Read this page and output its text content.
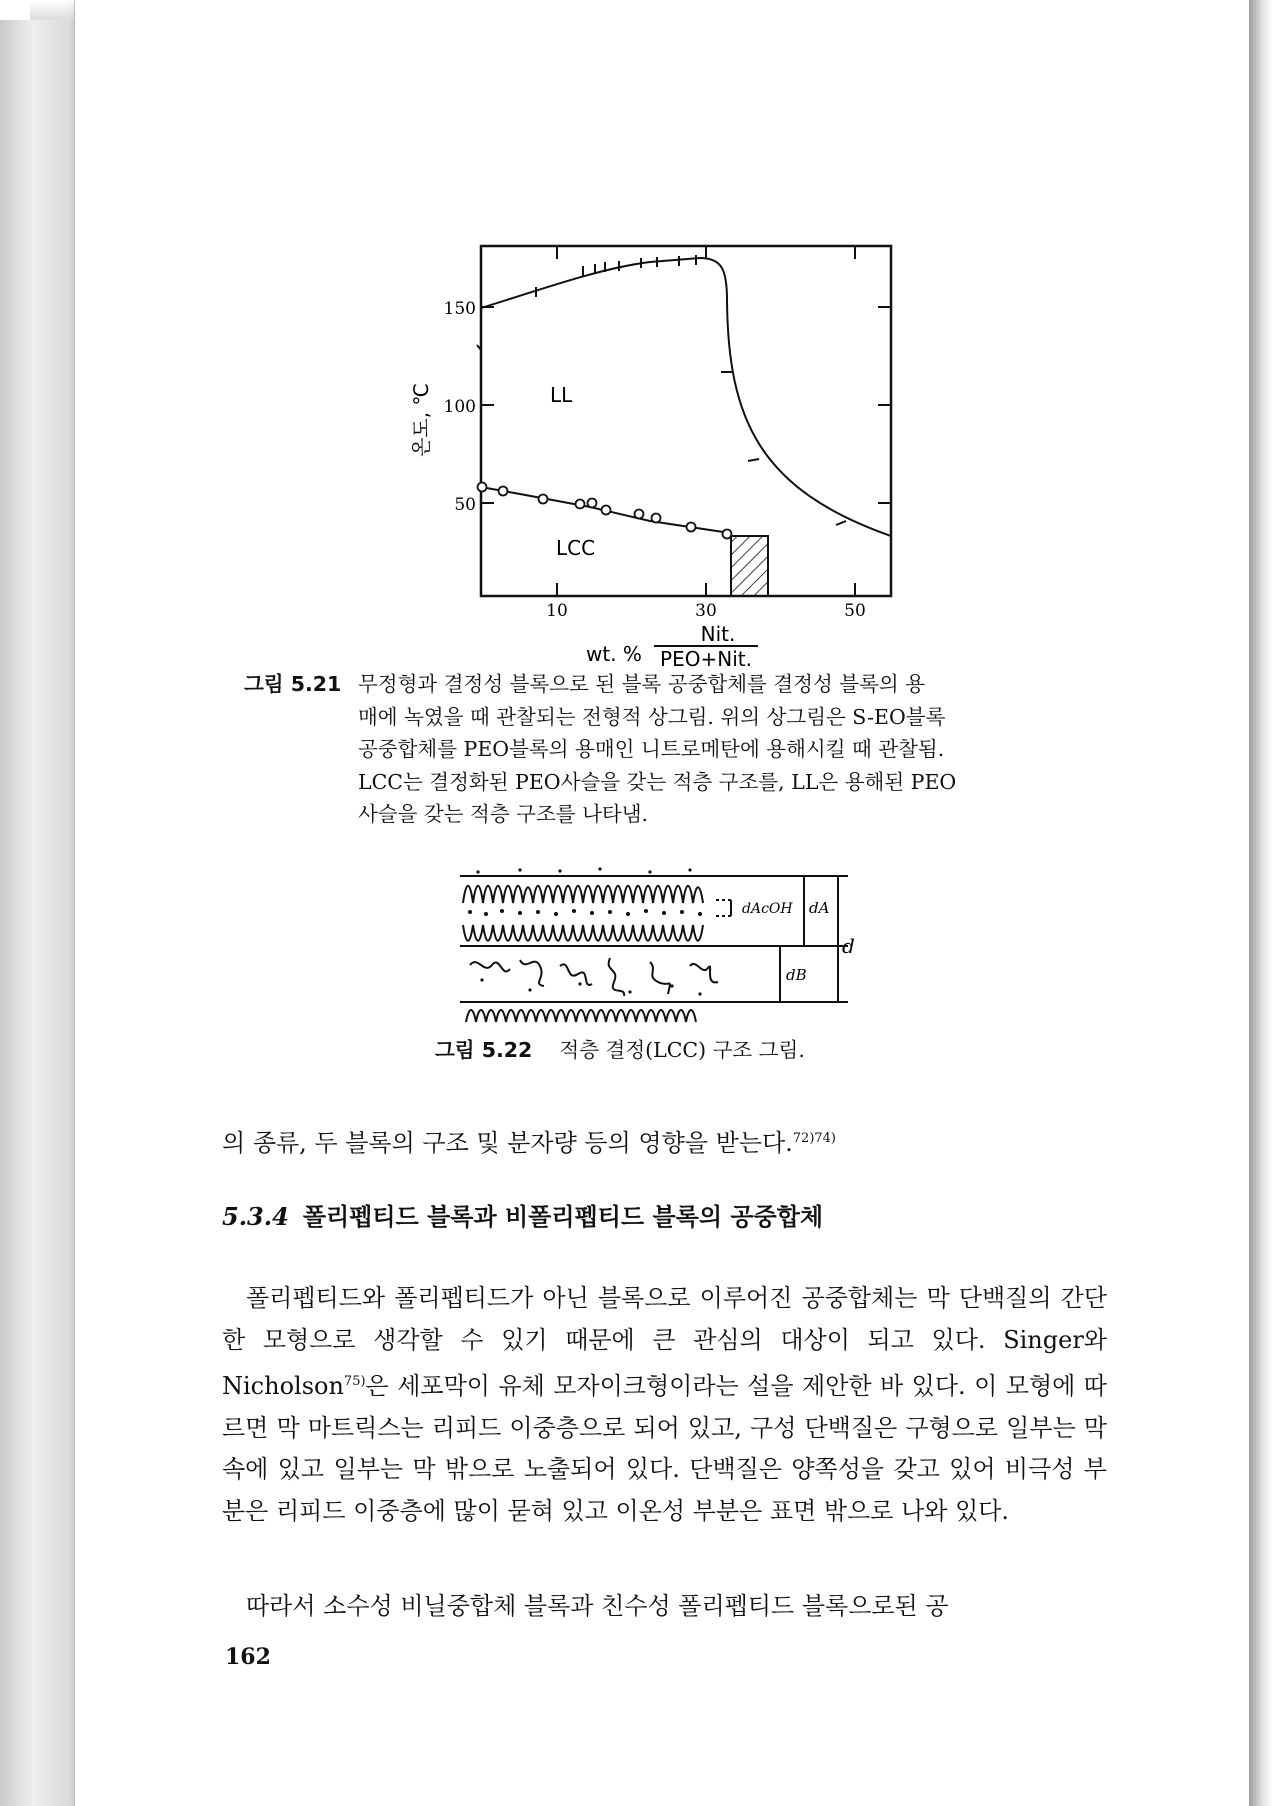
150
100
50
10	30	50
온도, ℃	LL
LCC
wt. %
Nit.
PEO+Nit.
그림 5.21 무정형과 결정성 블록으로 된 블록 공중합체를 결정성 블록의 용
매에 녹였을 때 관찰되는 전형적 상그림. 위의 상그림은 S-EO블록
공중합체를 PEO블록의 용매인 니트로메탄에 용해시킬 때 관찰됨.
LCC는 결정화된 PEO사슬을 갖는 적층 구조를, LL은 용해된 PEO
사슬을 갖는 적층 구조를 나타냄.
dAcOH dA
dB
d
그림 5.22 적층 결정(LCC) 구조 그림.
의 종류, 두 블록의 구조 및 분자량 등의 영향을 받는다.$^{72)74)}$
5.3.4 폴리펩티드 블록과 비폴리펩티드 블록의 공중합체
폴리펩티드와 폴리펩티드가 아닌 블록으로 이루어진 공중합체는 막 단백질의 간단한 모형으로 생각할 수 있기 때문에 큰 관심의 대상이 되고 있다. Singer와 Nicholson$^{75)}$은 세포막이 유체 모자이크형이라는 설을 제안한 바 있다. 이 모형에 따르면 막 마트릭스는 리피드 이중층으로 되어 있고, 구성 단백질은 구형으로 일부는 막 속에 있고 일부는 막 밖으로 노출되어 있다. 단백질은 양쪽성을 갖고 있어 비극성 부분은 리피드 이중층에 많이 묻혀 있고 이온성 부분은 표면 밖으로 나와 있다.
따라서 소수성 비닐중합체 블록과 친수성 폴리펩티드 블록으로된 공
162
